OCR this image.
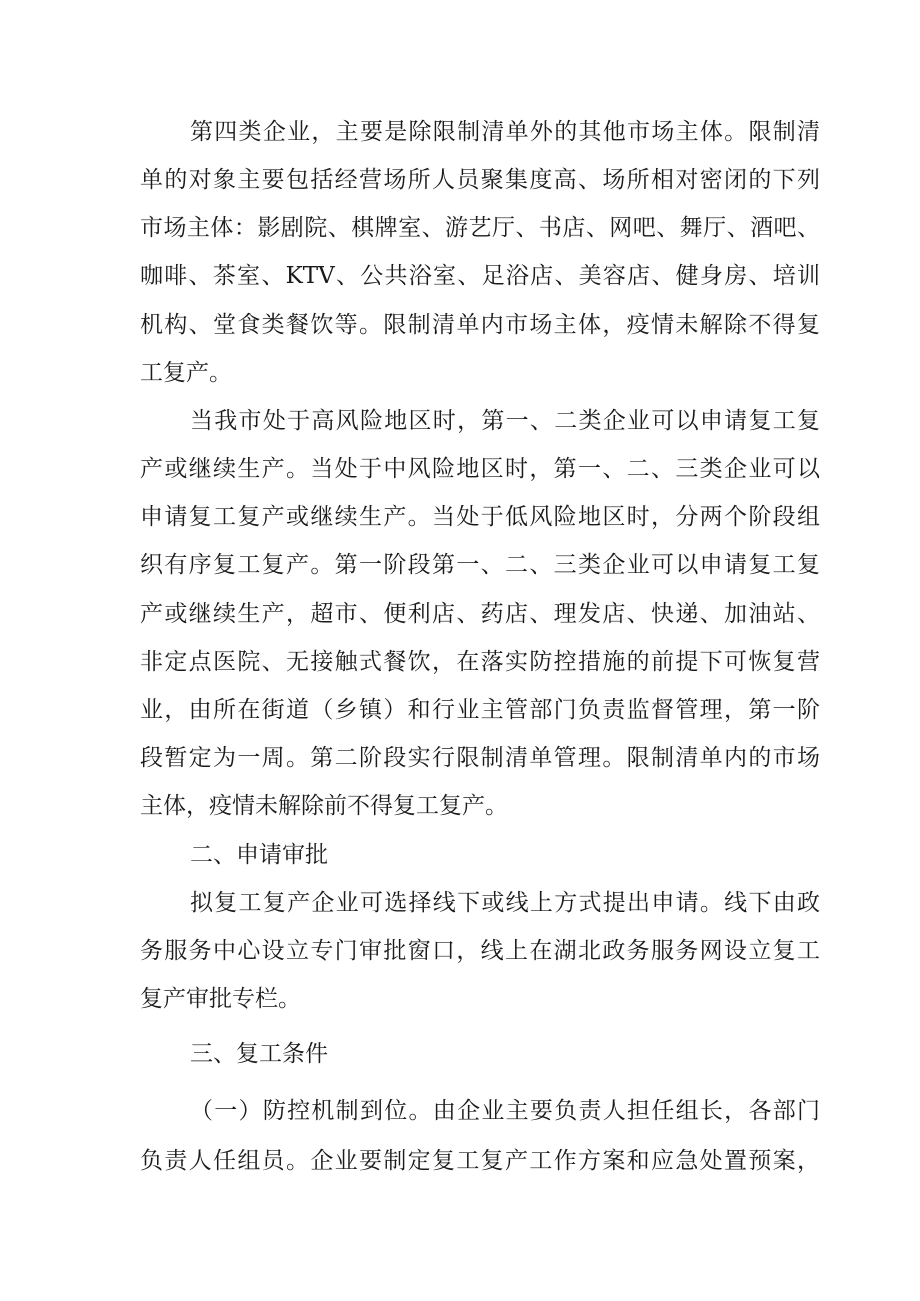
第四类企业，主要是除限制清单外的其他市场主体。限制清
单的对象主要包括经营场所人员聚集度高、场所相对密闭的下列
市场主体：影剧院、棋牌室、游艺厅、书店、网吧、舞厅、酒吧、
咖啡、茶室、KTV、公共浴室、足浴店、美容店、健身房、培训
机构、堂食类餐饮等。限制清单内市场主体，疫情未解除不得复
工复产。
当我市处于高风险地区时，第一、二类企业可以申请复工复
产或继续生产。当处于中风险地区时，第一、二、三类企业可以
申请复工复产或继续生产。当处于低风险地区时，分两个阶段组
织有序复工复产。第一阶段第一、二、三类企业可以申请复工复
产或继续生产，超市、便利店、药店、理发店、快递、加油站、
非定点医院、无接触式餐饮，在落实防控措施的前提下可恢复营
业，由所在街道（乡镇）和行业主管部门负责监督管理，第一阶
段暂定为一周。第二阶段实行限制清单管理。限制清单内的市场
主体，疫情未解除前不得复工复产。
二、申请审批
拟复工复产企业可选择线下或线上方式提出申请。线下由政
务服务中心设立专门审批窗口，线上在湖北政务服务网设立复工
复产审批专栏。
三、复工条件
（一）防控机制到位。由企业主要负责人担任组长，各部门
负责人任组员。企业要制定复工复产工作方案和应急处置预案，
